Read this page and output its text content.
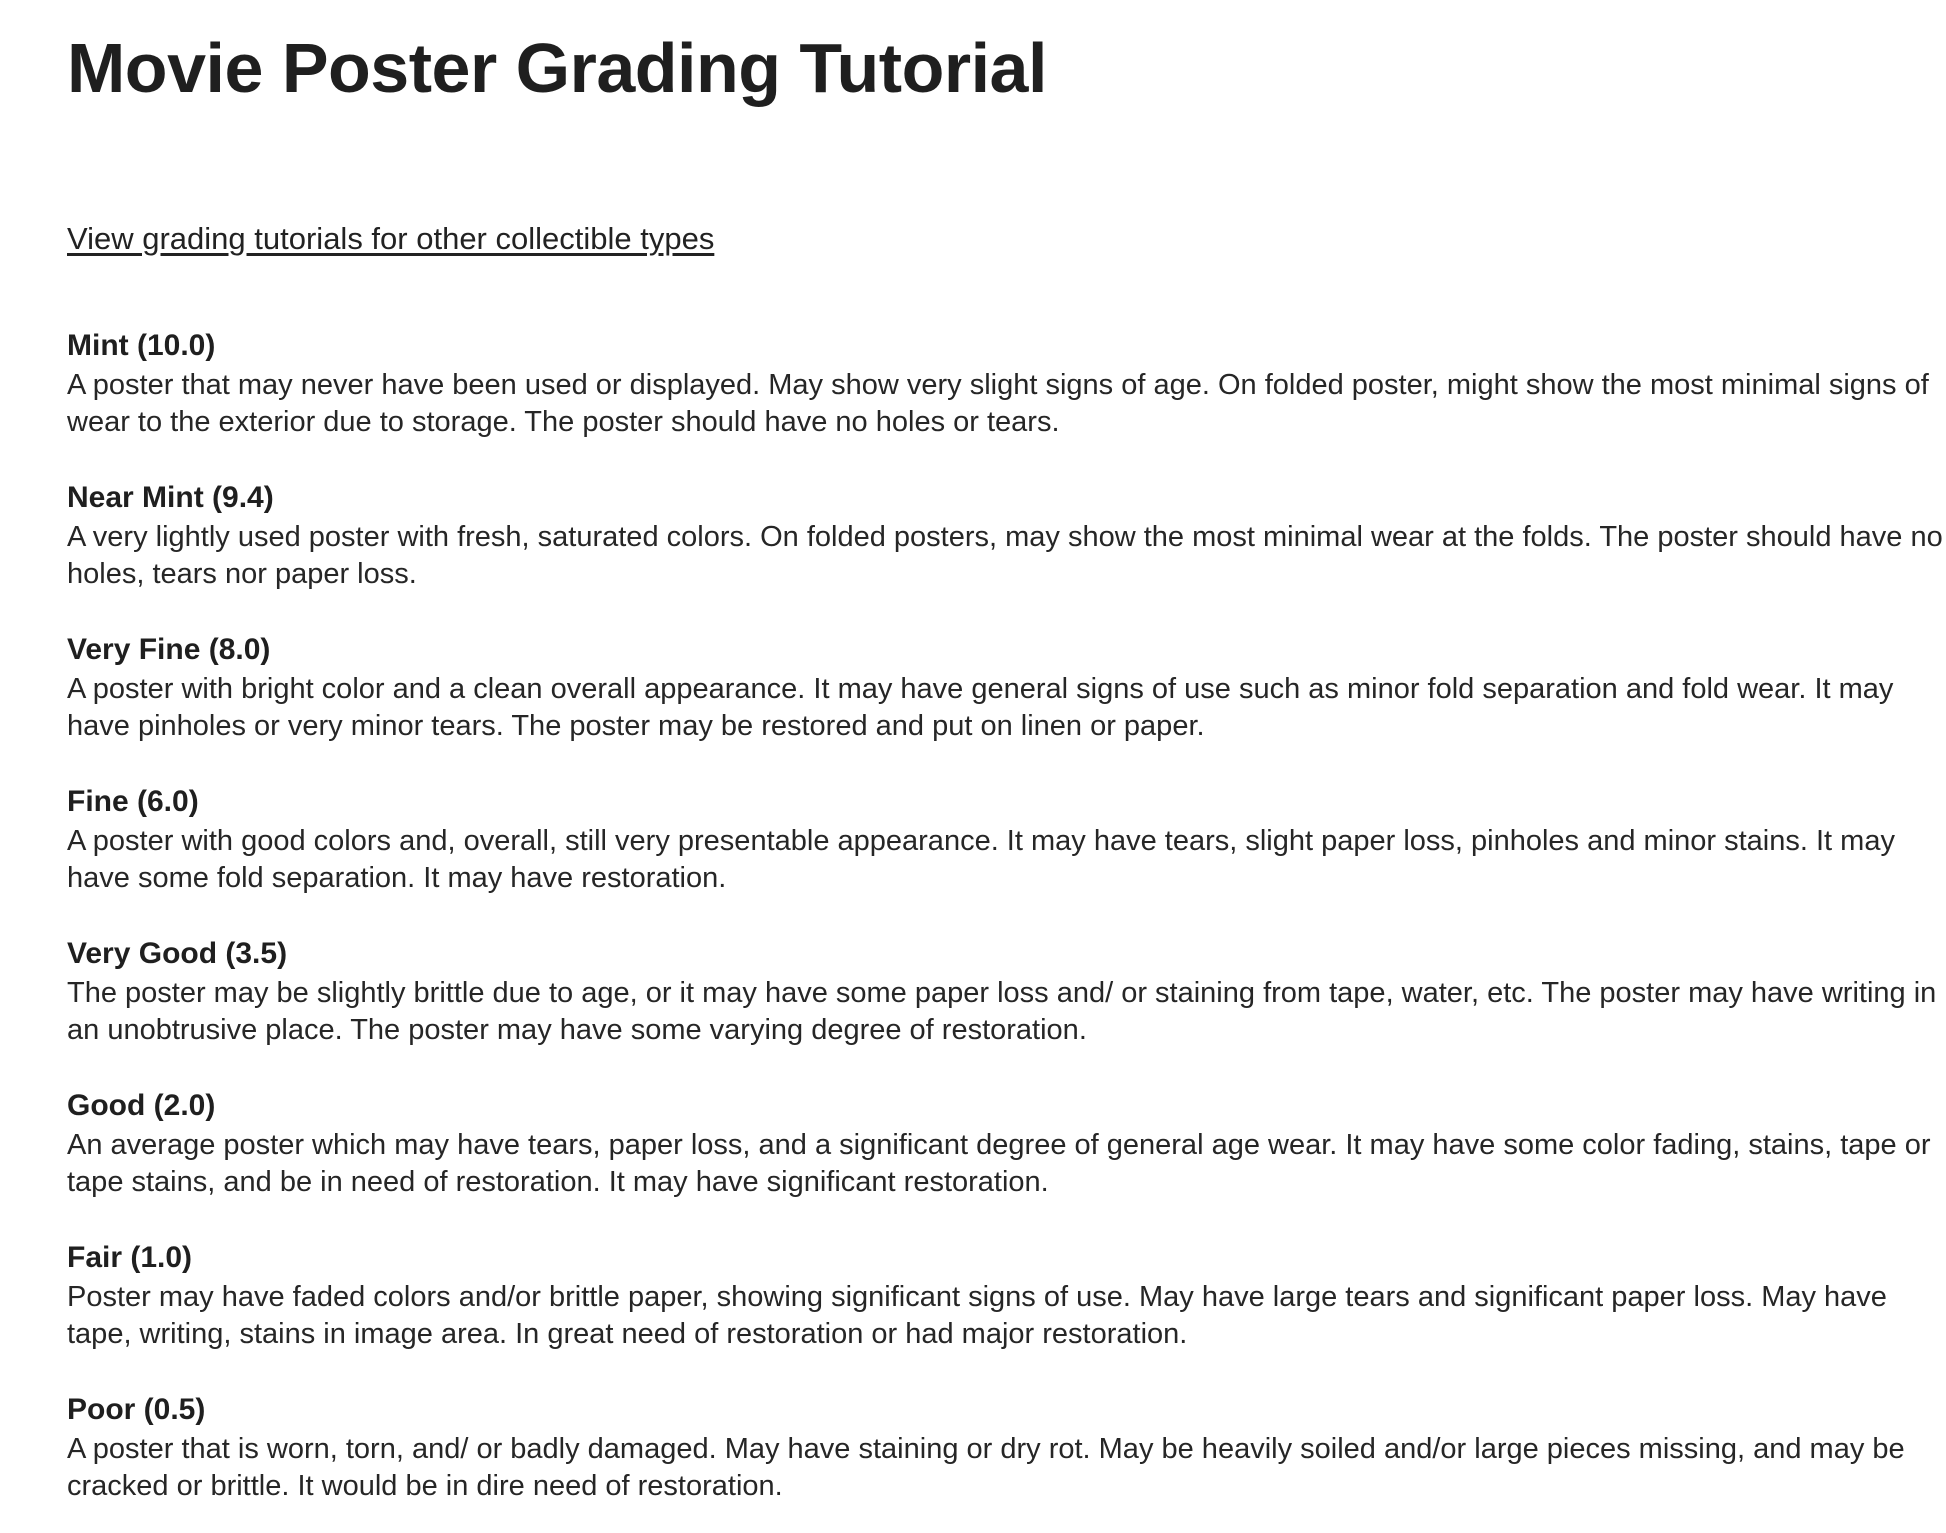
Movie Poster Grading Tutorial
View grading tutorials for other collectible types
Mint (10.0)

A poster that may never have been used or displayed. May show very slight signs of age. On folded poster, might show the most minimal signs of wear to the exterior due to storage. The poster should have no holes or tears.

Near Mint (9.4)

A very lightly used poster with fresh, saturated colors. On folded posters, may show the most minimal wear at the folds. The poster should have no holes, tears nor paper loss.

Very Fine (8.0)

A poster with bright color and a clean overall appearance. It may have general signs of use such as minor fold separation and fold wear. It may have pinholes or very minor tears. The poster may be restored and put on linen or paper.

Fine (6.0)

A poster with good colors and, overall, still very presentable appearance. It may have tears, slight paper loss, pinholes and minor stains. It may have some fold separation. It may have restoration.

Very Good (3.5)

The poster may be slightly brittle due to age, or it may have some paper loss and/ or staining from tape, water, etc. The poster may have writing in an unobtrusive place. The poster may have some varying degree of restoration.

Good (2.0)

An average poster which may have tears, paper loss, and a significant degree of general age wear. It may have some color fading, stains, tape or tape stains, and be in need of restoration. It may have significant restoration.

Fair (1.0)

Poster may have faded colors and/or brittle paper, showing significant signs of use. May have large tears and significant paper loss. May have tape, writing, stains in image area. In great need of restoration or had major restoration.

Poor (0.5)

A poster that is worn, torn, and/ or badly damaged. May have staining or dry rot. May be heavily soiled and/or large pieces missing, and may be cracked or brittle. It would be in dire need of restoration.
